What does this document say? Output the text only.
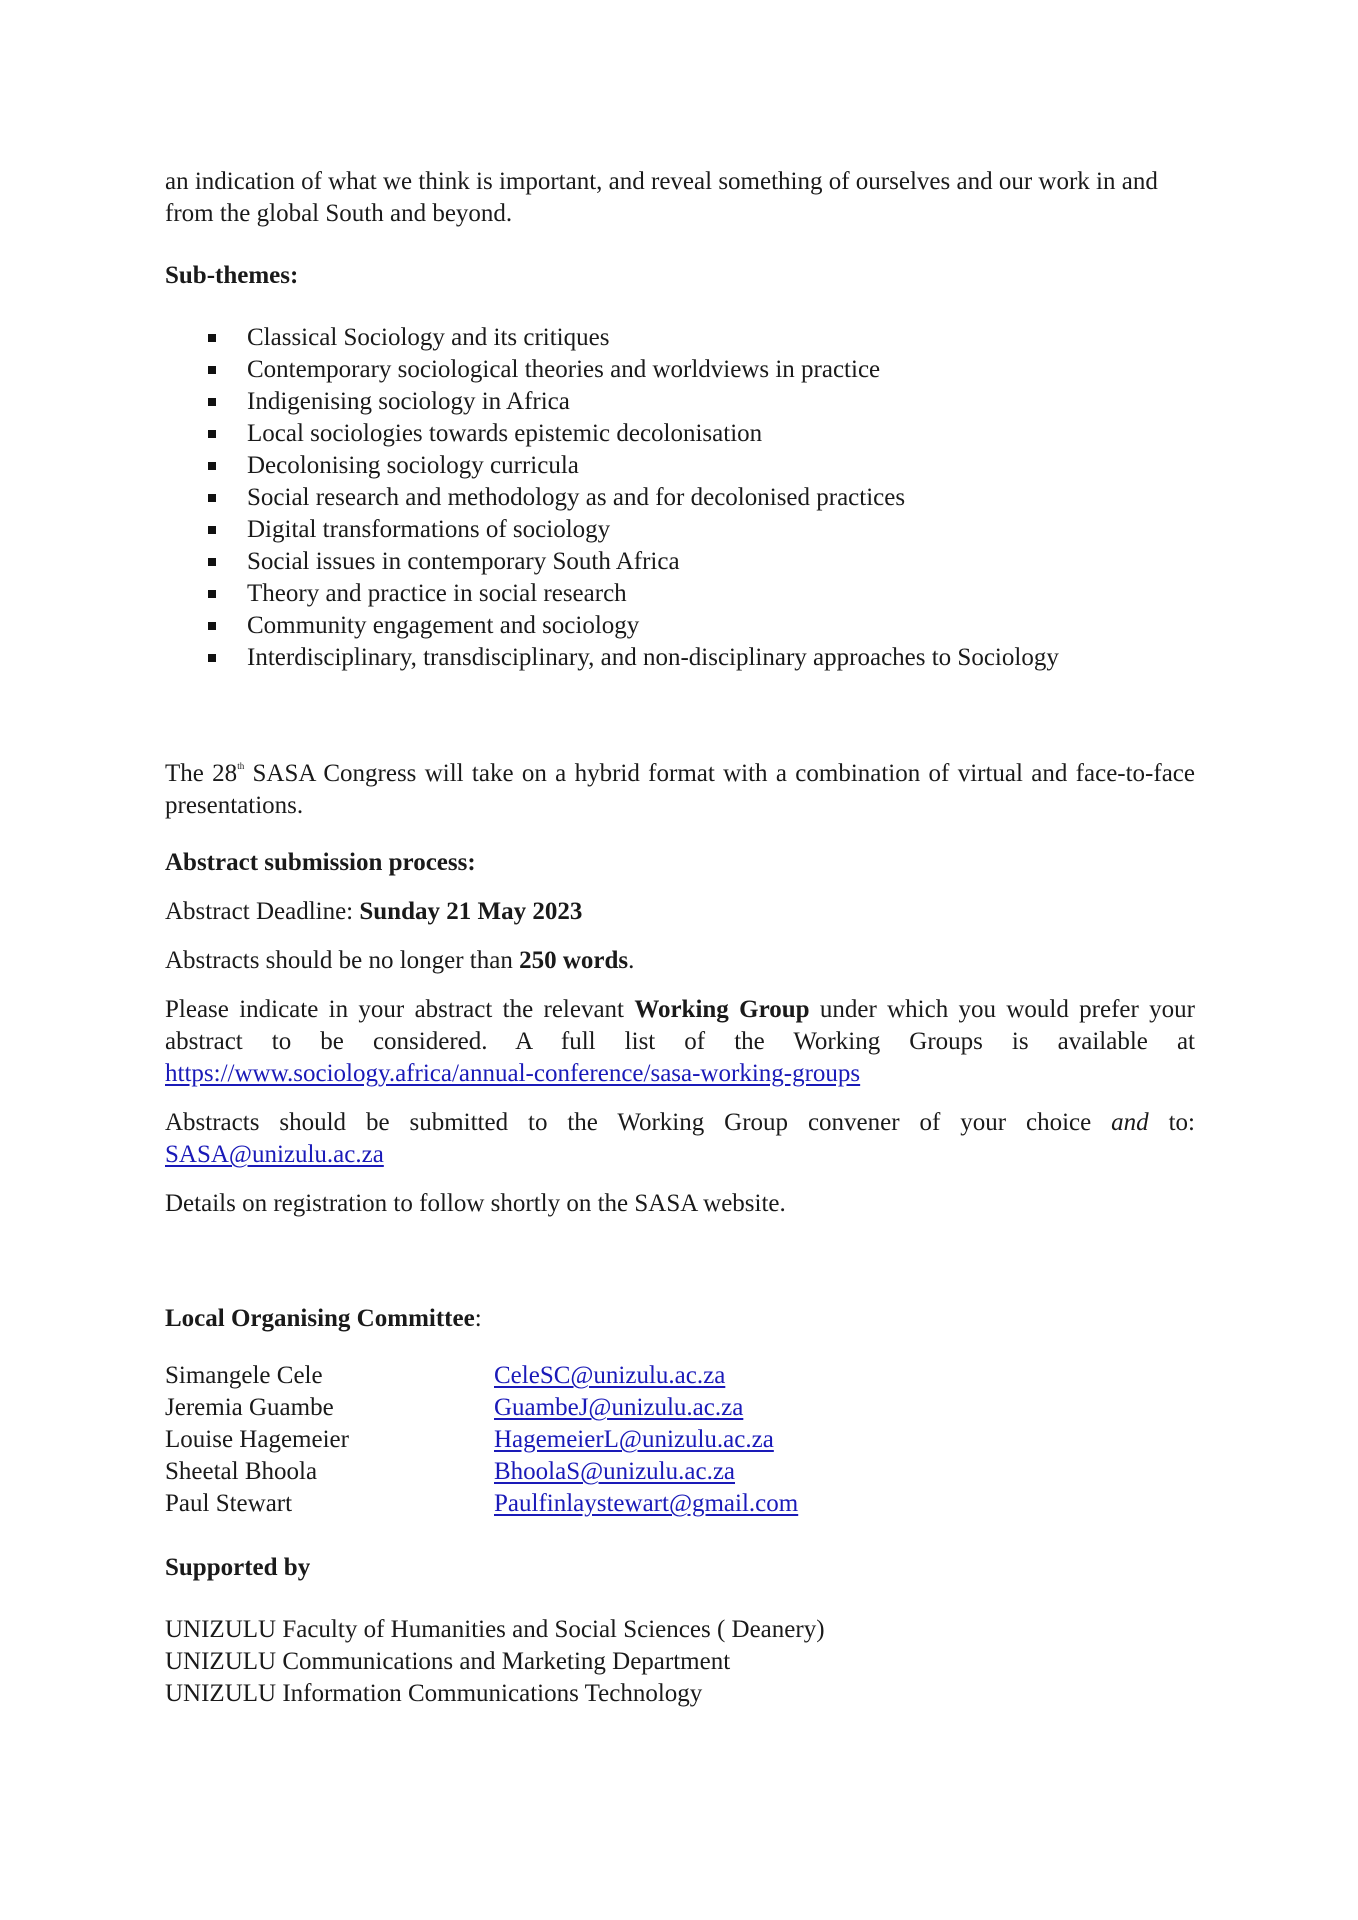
an indication of what we think is important, and reveal something of ourselves and our work in and from the global South and beyond.

Sub-themes:

Classical Sociology and its critiques
Contemporary sociological theories and worldviews in practice
Indigenising sociology in Africa
Local sociologies towards epistemic decolonisation
Decolonising sociology curricula
Social research and methodology as and for decolonised practices
Digital transformations of sociology
Social issues in contemporary South Africa
Theory and practice in social research
Community engagement and sociology
Interdisciplinary, transdisciplinary, and non-disciplinary approaches to Sociology

The 28th SASA Congress will take on a hybrid format with a combination of virtual and face-to-face presentations.

Abstract submission process:

Abstract Deadline: Sunday 21 May 2023

Abstracts should be no longer than 250 words.

Please indicate in your abstract the relevant Working Group under which you would prefer your abstract to be considered. A full list of the Working Groups is available at https://www.sociology.africa/annual-conference/sasa-working-groups

Abstracts should be submitted to the Working Group convener of your choice and to: SASA@unizulu.ac.za

Details on registration to follow shortly on the SASA website.

Local Organising Committee:

Simangele Cele	CeleSC@unizulu.ac.za
Jeremia Guambe	GuambeJ@unizulu.ac.za
Louise Hagemeier	HagemeierL@unizulu.ac.za
Sheetal Bhoola	BhoolaS@unizulu.ac.za
Paul Stewart	Paulfinlaystewart@gmail.com

Supported by

UNIZULU Faculty of Humanities and Social Sciences ( Deanery)
UNIZULU Communications and Marketing Department
UNIZULU Information Communications Technology
